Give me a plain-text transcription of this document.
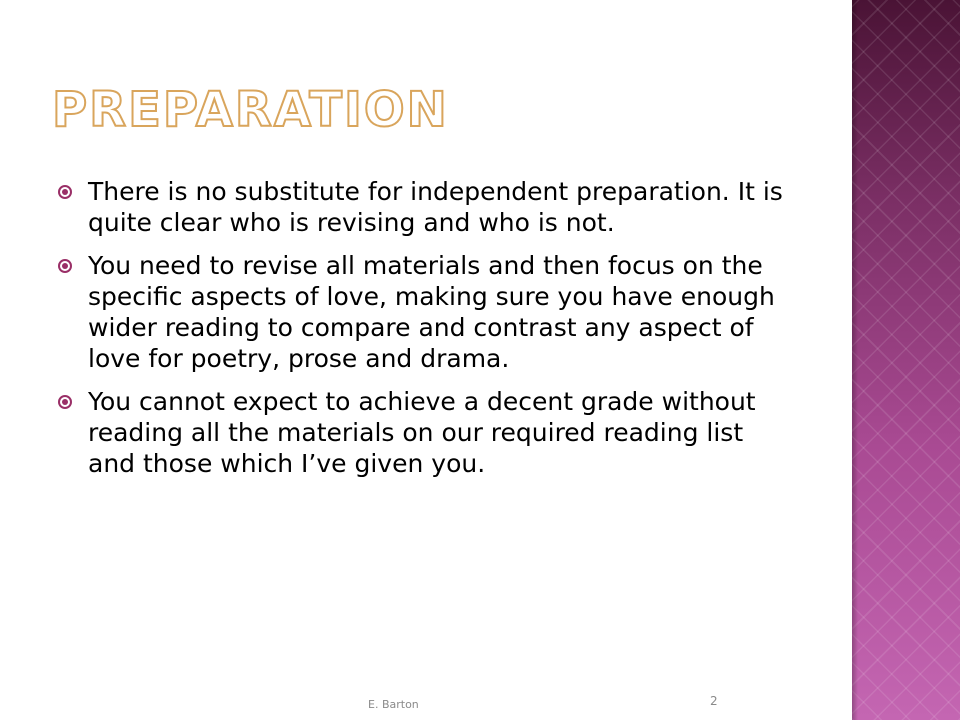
PREPARATION
There is no substitute for independent preparation. It is quite clear who is revising and who is not.
You need to revise all materials and then focus on the specific aspects of love, making sure you have enough wider reading to compare and contrast any aspect of love for poetry, prose and drama.
You cannot expect to achieve a decent grade without reading all the materials on our required reading list and those which I’ve given you.
E. Barton	2
